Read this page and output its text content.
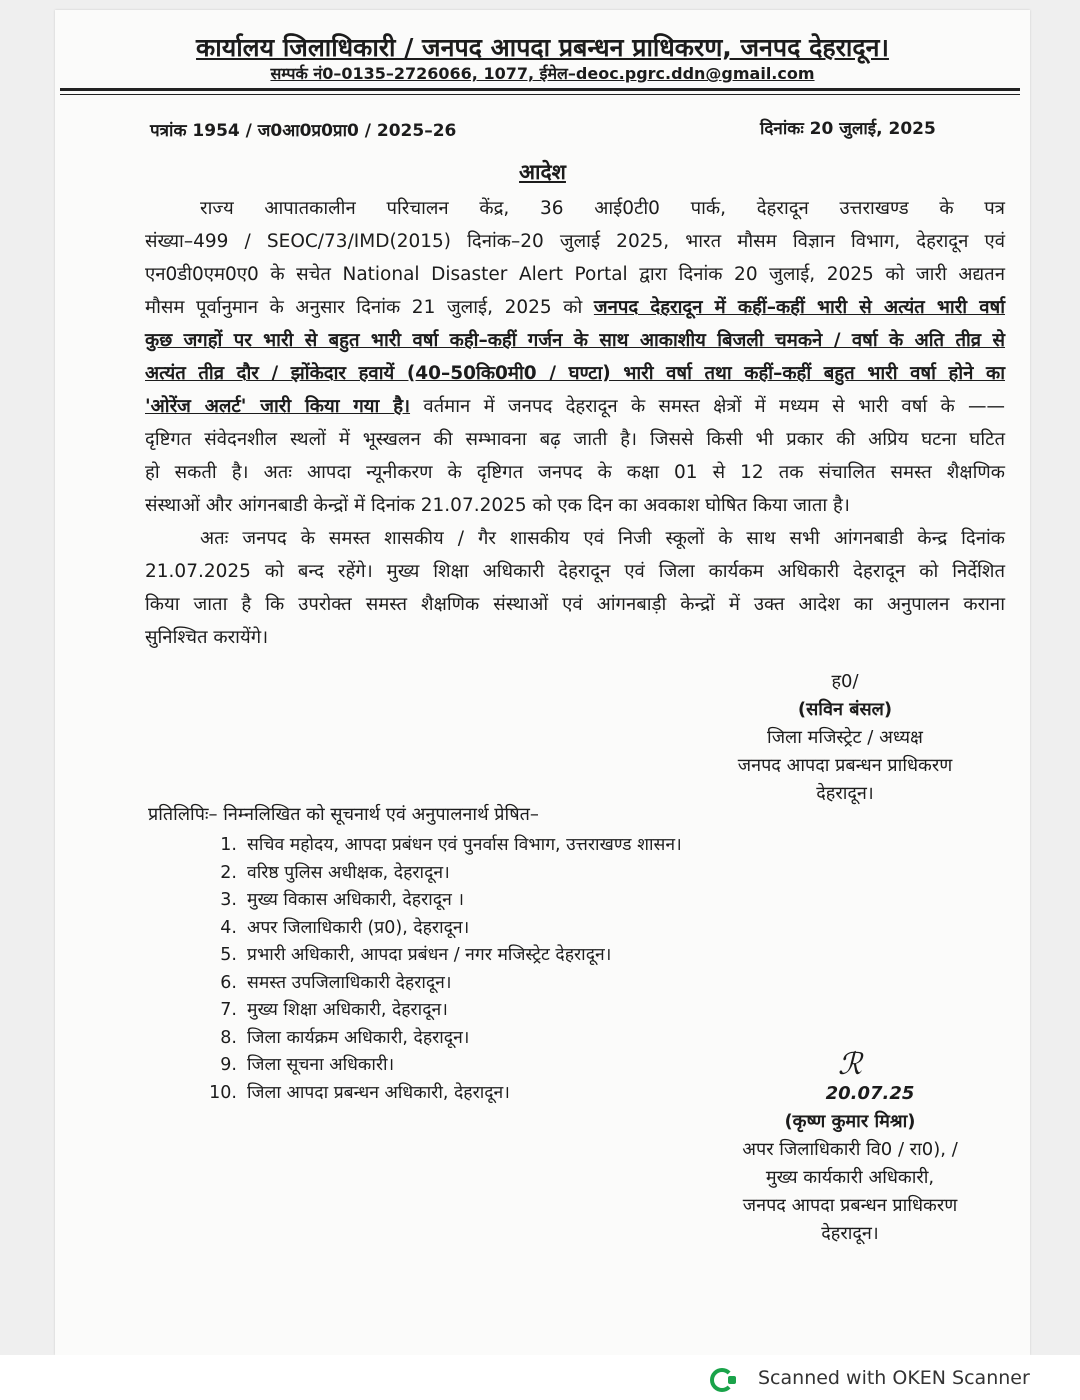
कार्यालय जिलाधिकारी / जनपद आपदा प्रबन्धन प्राधिकरण, जनपद देहरादून।
सम्पर्क नं0–0135–2726066, 1077, ईमेल–deoc.pgrc.ddn@gmail.com
पत्रांक 1954 / ज0आ0प्र0प्रा0 / 2025–26	दिनांकः 20 जुलाई, 2025
आदेश
राज्य आपातकालीन परिचालन केंद्र, 36 आई0टी0 पार्क, देहरादून उत्तराखण्ड के पत्र
संख्या–499 / SEOC/73/IMD(2015) दिनांक–20 जुलाई 2025, भारत मौसम विज्ञान विभाग, देहरादून एवं
एन0डी0एम0ए0 के सचेत National Disaster Alert Portal द्वारा दिनांक 20 जुलाई, 2025 को जारी अद्यतन
मौसम पूर्वानुमान के अनुसार दिनांक 21 जुलाई, 2025 को जनपद देहरादून में कहीं–कहीं भारी से अत्यंत भारी वर्षा
कुछ जगहों पर भारी से बहुत भारी वर्षा कही–कहीं गर्जन के साथ आकाशीय बिजली चमकने / वर्षा के अति तीव्र से
अत्यंत तीव्र दौर / झोंकेदार हवायें (40–50कि0मी0 / घण्टा) भारी वर्षा तथा कहीं–कहीं बहुत भारी वर्षा होने का
'ओरेंज अलर्ट' जारी किया गया है। वर्तमान में जनपद देहरादून के समस्त क्षेत्रों में मध्यम से भारी वर्षा के ——
दृष्टिगत संवेदनशील स्थलों में भूस्खलन की सम्भावना बढ़ जाती है। जिससे किसी भी प्रकार की अप्रिय घटना घटित
हो सकती है। अतः आपदा न्यूनीकरण के दृष्टिगत जनपद के कक्षा 01 से 12 तक संचालित समस्त शैक्षणिक
संस्थाओं और आंगनबाडी केन्द्रों में दिनांक 21.07.2025 को एक दिन का अवकाश घोषित किया जाता है।
अतः जनपद के समस्त शासकीय / गैर शासकीय एवं निजी स्कूलों के साथ सभी आंगनबाडी केन्द्र दिनांक
21.07.2025 को बन्द रहेंगे। मुख्य शिक्षा अधिकारी देहरादून एवं जिला कार्यकम अधिकारी देहरादून को निर्देशित
किया जाता है कि उपरोक्त समस्त शैक्षणिक संस्थाओं एवं आंगनबाड़ी केन्द्रों में उक्त आदेश का अनुपालन कराना
सुनिश्चित करायेंगे।
ह0/
(सविन बंसल)
जिला मजिस्ट्रेट / अध्यक्ष
जनपद आपदा प्रबन्धन प्राधिकरण
देहरादून।
प्रतिलिपिः– निम्नलिखित को सूचनार्थ एवं अनुपालनार्थ प्रेषित–
1. सचिव महोदय, आपदा प्रबंधन एवं पुनर्वास विभाग, उत्तराखण्ड शासन।
2. वरिष्ठ पुलिस अधीक्षक, देहरादून।
3. मुख्य विकास अधिकारी, देहरादून ।
4. अपर जिलाधिकारी (प्र0), देहरादून।
5. प्रभारी अधिकारी, आपदा प्रबंधन / नगर मजिस्ट्रेट देहरादून।
6. समस्त उपजिलाधिकारी देहरादून।
7. मुख्य शिक्षा अधिकारी, देहरादून।
8. जिला कार्यक्रम अधिकारी, देहरादून।
9. जिला सूचना अधिकारी।
10. जिला आपदा प्रबन्धन अधिकारी, देहरादून।
ℛ
20.07.25
(कृष्ण कुमार मिश्रा)
अपर जिलाधिकारी वि0 / रा0), /
मुख्य कार्यकारी अधिकारी,
जनपद आपदा प्रबन्धन प्राधिकरण
देहरादून।
Scanned with OKEN Scanner
